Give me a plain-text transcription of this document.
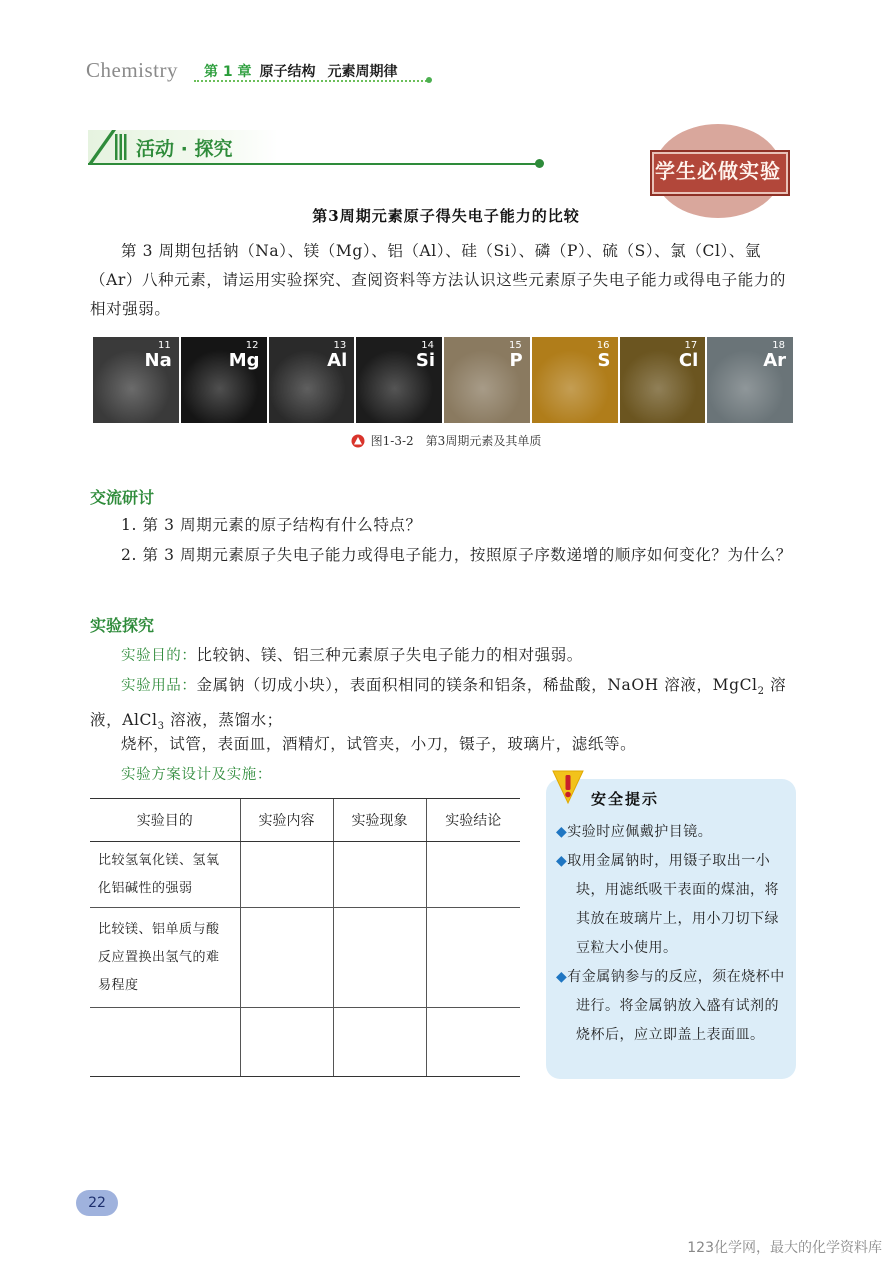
Chemistry 第 1 章 原子结构 元素周期律
活动 · 探究
学生必做实验
第3周期元素原子得失电子能力的比较
第 3 周期包括钠（Na）、镁（Mg）、铝（Al）、硅（Si）、磷（P）、硫（S）、氯（Cl）、氩（Ar）八种元素，请运用实验探究、查阅资料等方法认识这些元素原子失电子能力或得电子能力的相对强弱。
11
Na
12
Mg
13
Al
14
Si
15
P
16
S
17
Cl
18
Ar
图1-3-2　第3周期元素及其单质
交流研讨
1. 第 3 周期元素的原子结构有什么特点？
2. 第 3 周期元素原子失电子能力或得电子能力，按照原子序数递增的顺序如何变化？为什么？
实验探究
实验目的：比较钠、镁、铝三种元素原子失电子能力的相对强弱。
实验用品：金属钠（切成小块），表面积相同的镁条和铝条，稀盐酸，NaOH 溶液，MgCl$_2$ 溶液，AlCl$_3$ 溶液，蒸馏水；
烧杯，试管，表面皿，酒精灯，试管夹，小刀，镊子，玻璃片，滤纸等。
实验方案设计及实施：
实验目的	实验内容	实验现象	实验结论
比较氢氧化镁、氢氧化铝碱性的强弱			
比较镁、铝单质与酸反应置换出氢气的难易程度			

安全提示

◆实验时应佩戴护目镜。

◆取用金属钠时，用镊子取出一小块，用滤纸吸干表面的煤油，将其放在玻璃片上，用小刀切下绿豆粒大小使用。

◆有金属钠参与的反应，须在烧杯中进行。将金属钠放入盛有试剂的烧杯后，应立即盖上表面皿。

22
123化学网，最大的化学资料库
